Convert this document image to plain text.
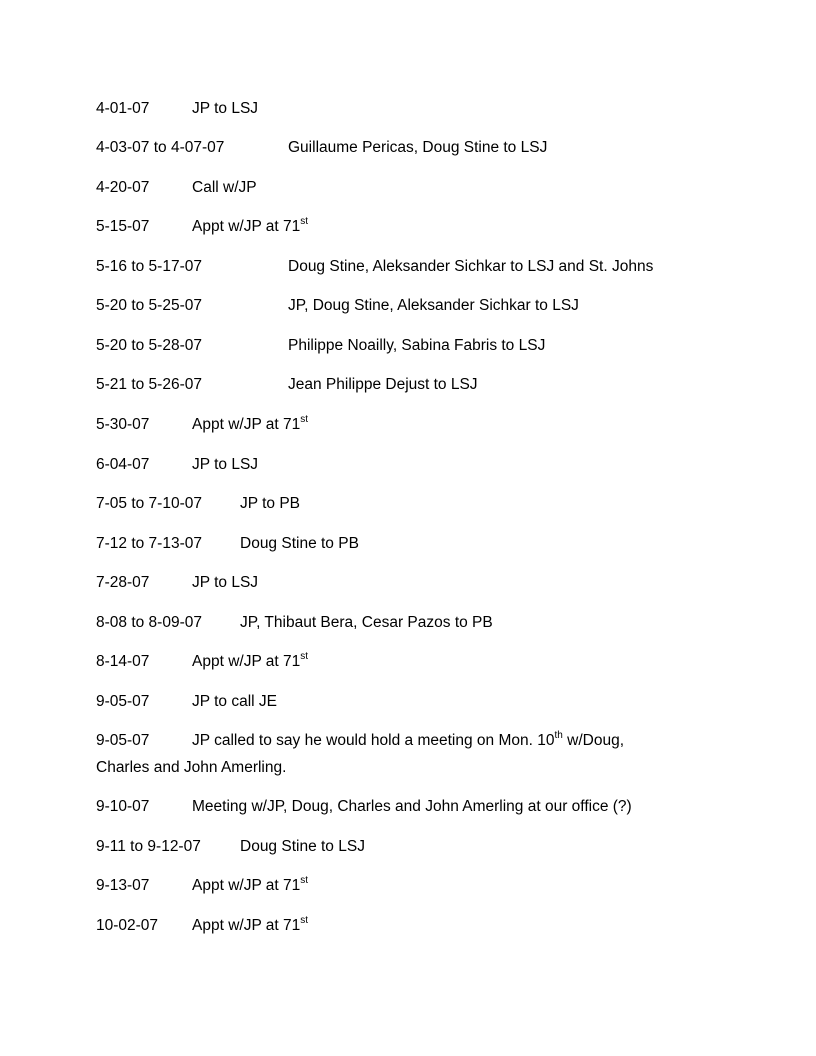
4-01-07	JP to LSJ
4-03-07 to 4-07-07	Guillaume Pericas, Doug Stine to LSJ
4-20-07	Call w/JP
5-15-07	Appt w/JP at 71st
5-16 to 5-17-07	Doug Stine, Aleksander Sichkar to LSJ and St. Johns
5-20 to 5-25-07	JP, Doug Stine, Aleksander Sichkar to LSJ
5-20 to 5-28-07	Philippe Noailly, Sabina Fabris to LSJ
5-21 to 5-26-07	Jean Philippe Dejust to LSJ
5-30-07	Appt w/JP at 71st
6-04-07	JP to LSJ
7-05 to 7-10-07 JP to PB
7-12 to 7-13-07 Doug Stine to PB
7-28-07	JP to LSJ
8-08 to 8-09-07 JP, Thibaut Bera, Cesar Pazos to PB
8-14-07	Appt w/JP at 71st
9-05-07	JP to call JE
9-05-07	JP called to say he would hold a meeting on Mon. 10th w/Doug,
Charles and John Amerling.
9-10-07	Meeting w/JP, Doug, Charles and John Amerling at our office (?)
9-11 to 9-12-07	Doug Stine to LSJ
9-13-07	Appt w/JP at 71st
10-02-07 Appt w/JP at 71st
